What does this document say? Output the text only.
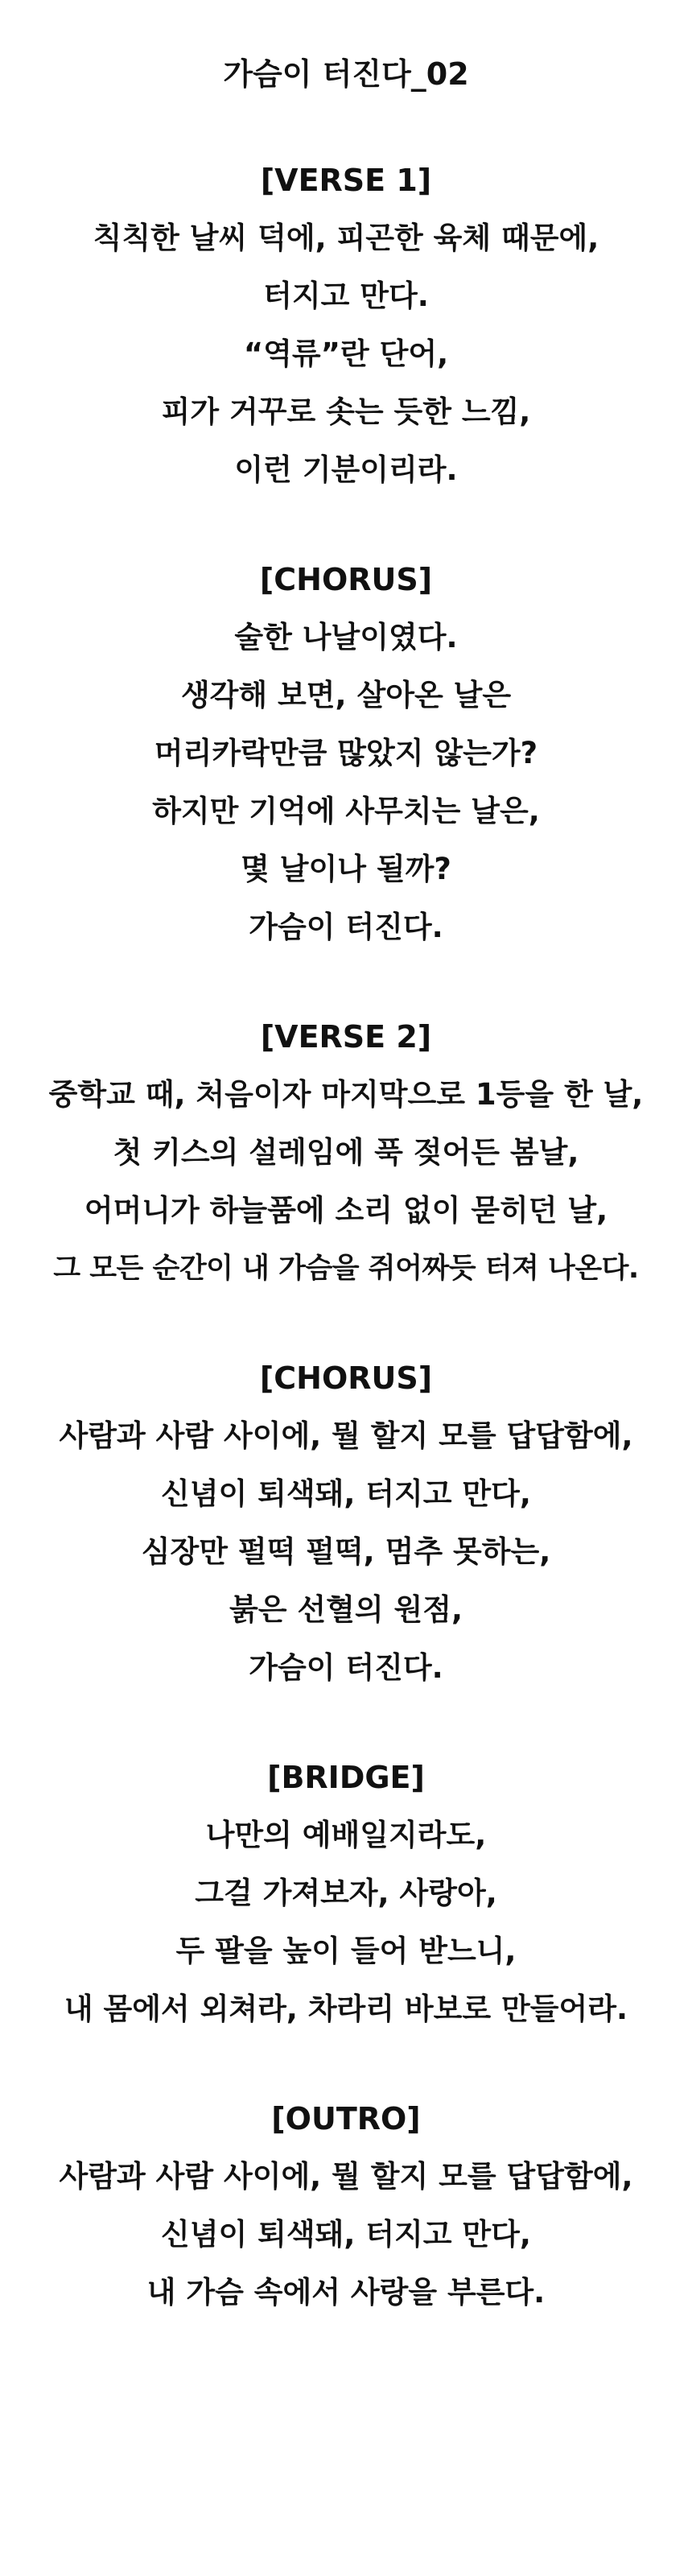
가슴이 터진다_02
[VERSE 1]
칙칙한 날씨 덕에, 피곤한 육체 때문에,
터지고 만다.
“역류”란 단어,
피가 거꾸로 솟는 듯한 느낌,
이런 기분이리라.
[CHORUS]
술한 나날이였다.
생각해 보면, 살아온 날은
머리카락만큼 많았지 않는가?
하지만 기억에 사무치는 날은,
몇 날이나 될까?
가슴이 터진다.
[VERSE 2]
중학교 때, 처음이자 마지막으로 1등을 한 날,
첫 키스의 설레임에 푹 젖어든 봄날,
어머니가 하늘품에 소리 없이 묻히던 날,
그 모든 순간이 내 가슴을 쥐어짜듯 터져 나온다.
[CHORUS]
사람과 사람 사이에, 뭘 할지 모를 답답함에,
신념이 퇴색돼, 터지고 만다,
심장만 펄떡 펄떡, 멈추 못하는,
붉은 선혈의 원점,
가슴이 터진다.
[BRIDGE]
나만의 예배일지라도,
그걸 가져보자, 사랑아,
두 팔을 높이 들어 받느니,
내 몸에서 외쳐라, 차라리 바보로 만들어라.
[OUTRO]
사람과 사람 사이에, 뭘 할지 모를 답답함에,
신념이 퇴색돼, 터지고 만다,
내 가슴 속에서 사랑을 부른다.
